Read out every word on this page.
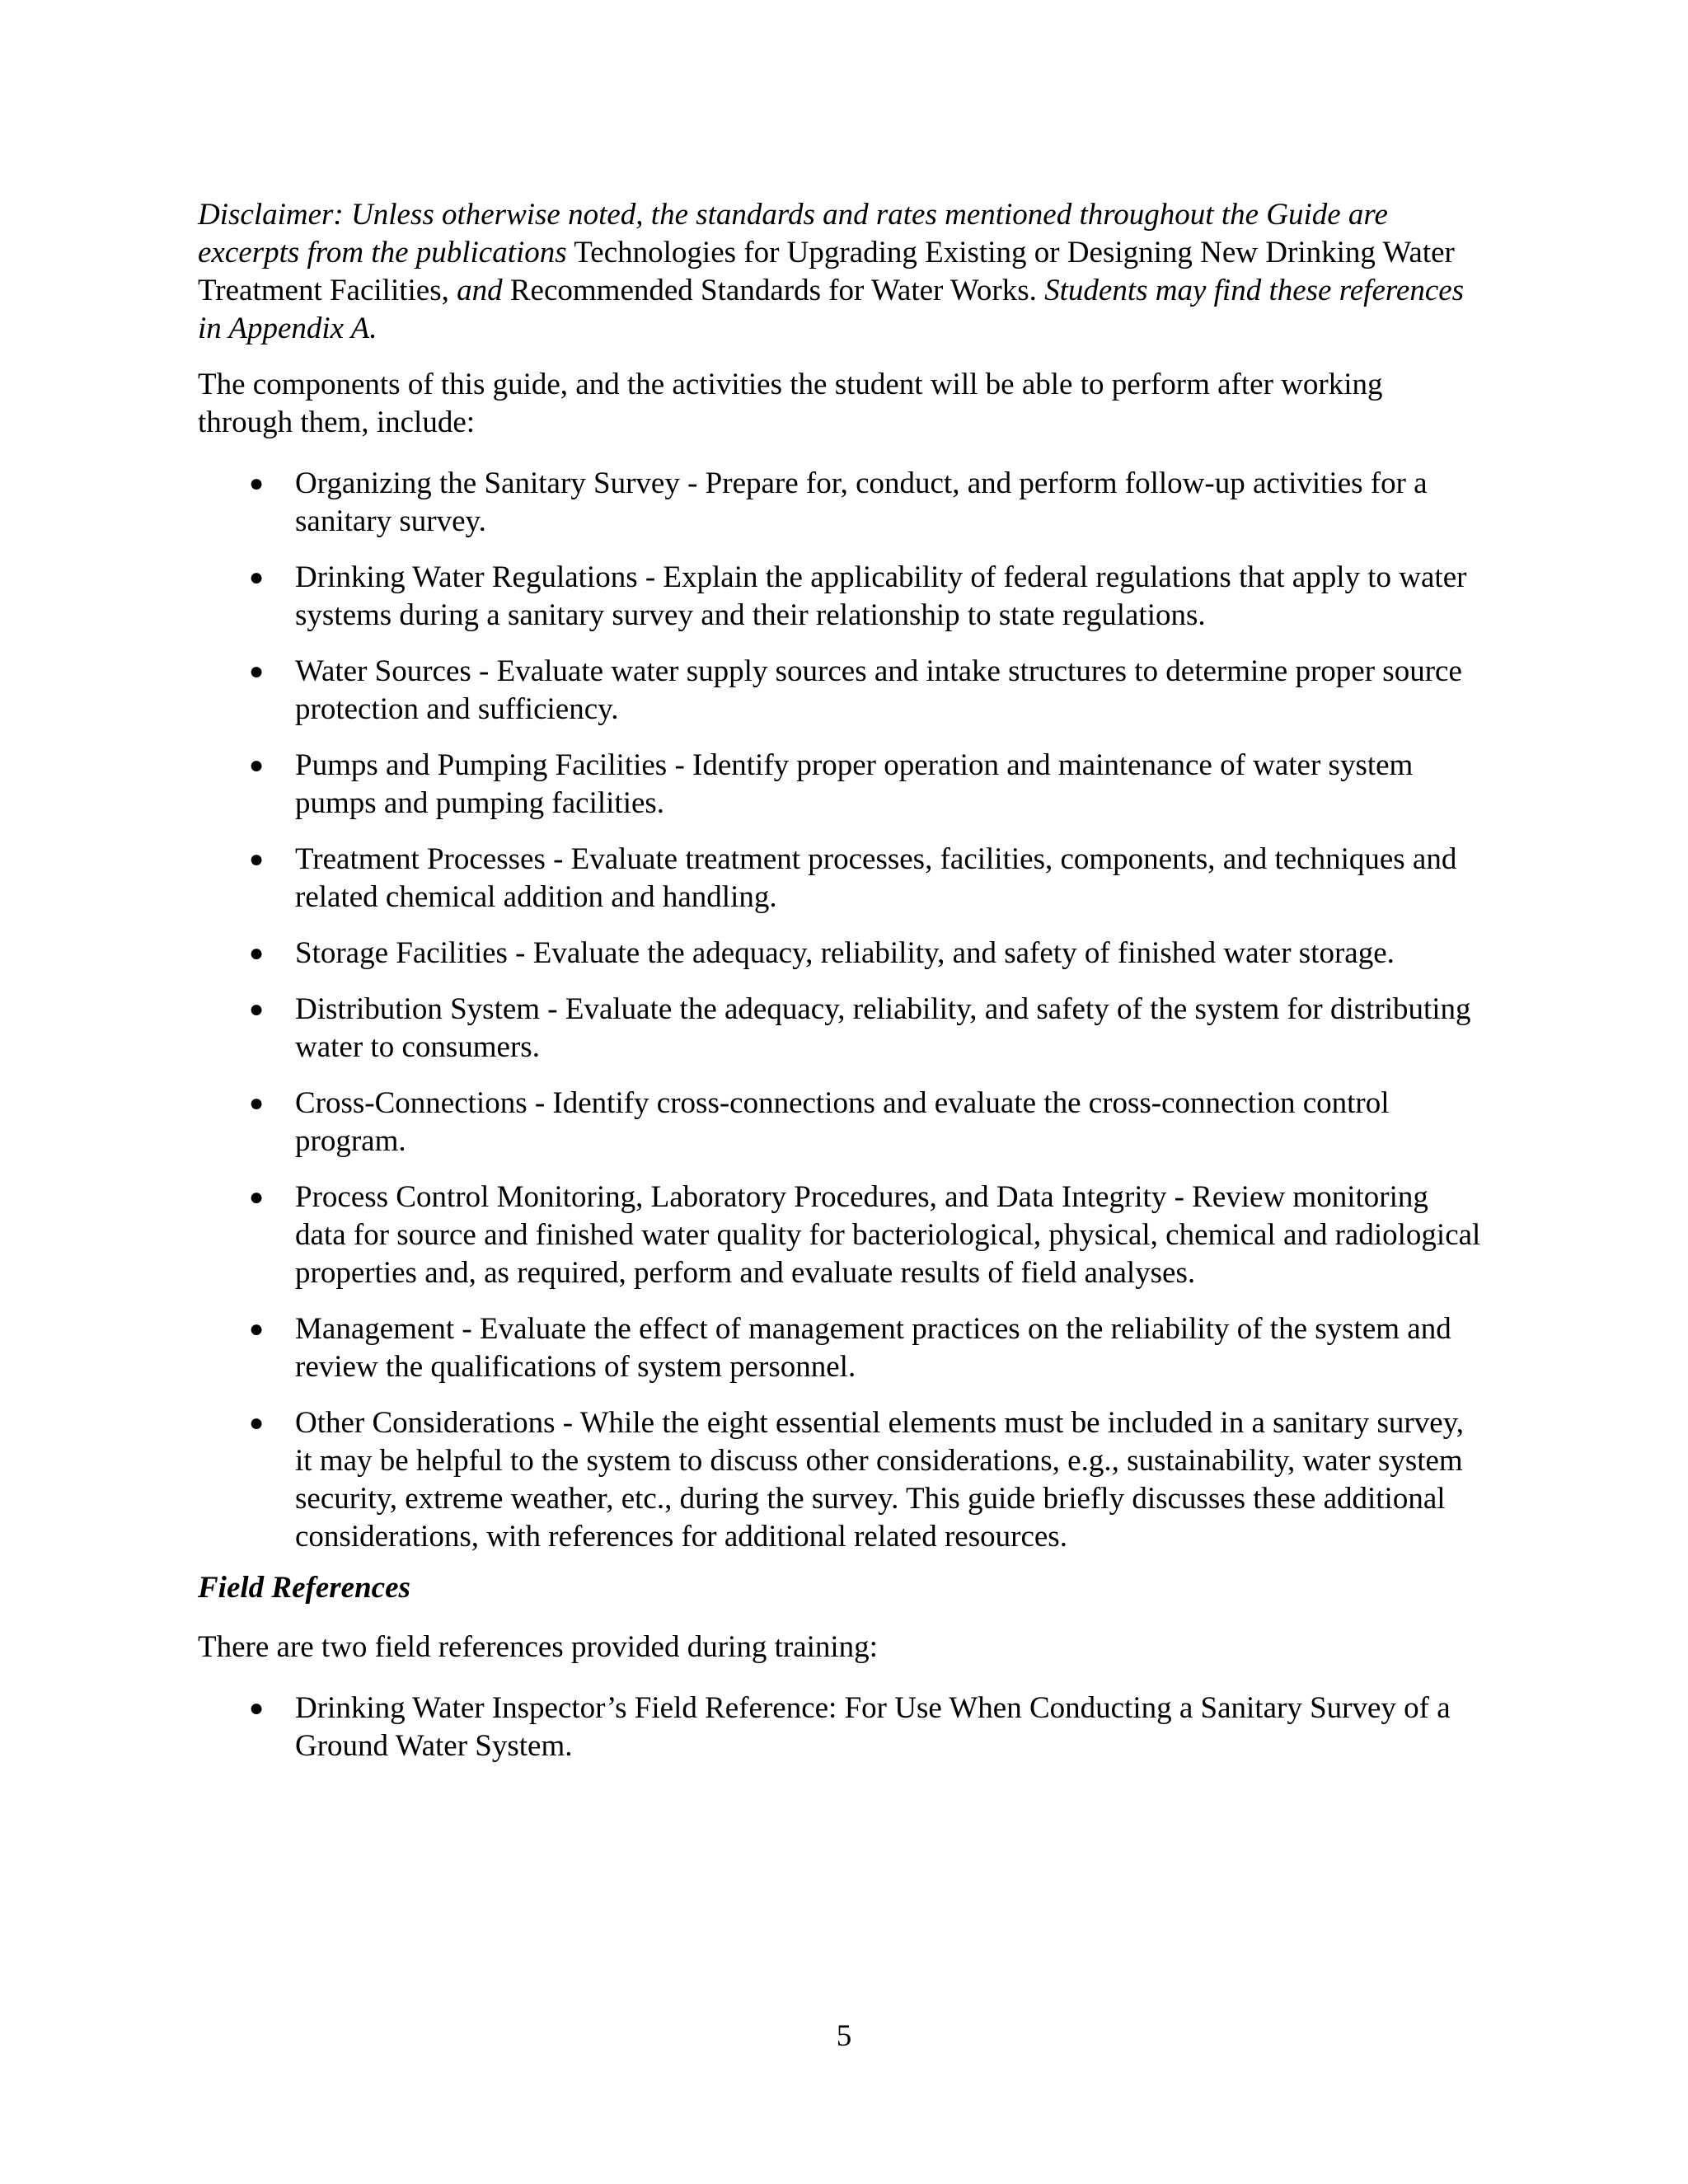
Disclaimer: Unless otherwise noted, the standards and rates mentioned throughout the Guide are excerpts from the publications Technologies for Upgrading Existing or Designing New Drinking Water Treatment Facilities, and Recommended Standards for Water Works. Students may find these references in Appendix A.

The components of this guide, and the activities the student will be able to perform after working through them, include:

● Organizing the Sanitary Survey - Prepare for, conduct, and perform follow-up activities for a sanitary survey.
● Drinking Water Regulations - Explain the applicability of federal regulations that apply to water systems during a sanitary survey and their relationship to state regulations.
● Water Sources - Evaluate water supply sources and intake structures to determine proper source protection and sufficiency.
● Pumps and Pumping Facilities - Identify proper operation and maintenance of water system pumps and pumping facilities.
● Treatment Processes - Evaluate treatment processes, facilities, components, and techniques and related chemical addition and handling.
● Storage Facilities - Evaluate the adequacy, reliability, and safety of finished water storage.
● Distribution System - Evaluate the adequacy, reliability, and safety of the system for distributing water to consumers.
● Cross-Connections - Identify cross-connections and evaluate the cross-connection control program.
● Process Control Monitoring, Laboratory Procedures, and Data Integrity - Review monitoring data for source and finished water quality for bacteriological, physical, chemical and radiological properties and, as required, perform and evaluate results of field analyses.
● Management - Evaluate the effect of management practices on the reliability of the system and review the qualifications of system personnel.
● Other Considerations - While the eight essential elements must be included in a sanitary survey, it may be helpful to the system to discuss other considerations, e.g., sustainability, water system security, extreme weather, etc., during the survey. This guide briefly discusses these additional considerations, with references for additional related resources.
Field References

There are two field references provided during training:

● Drinking Water Inspector’s Field Reference: For Use When Conducting a Sanitary Survey of a Ground Water System.
5
